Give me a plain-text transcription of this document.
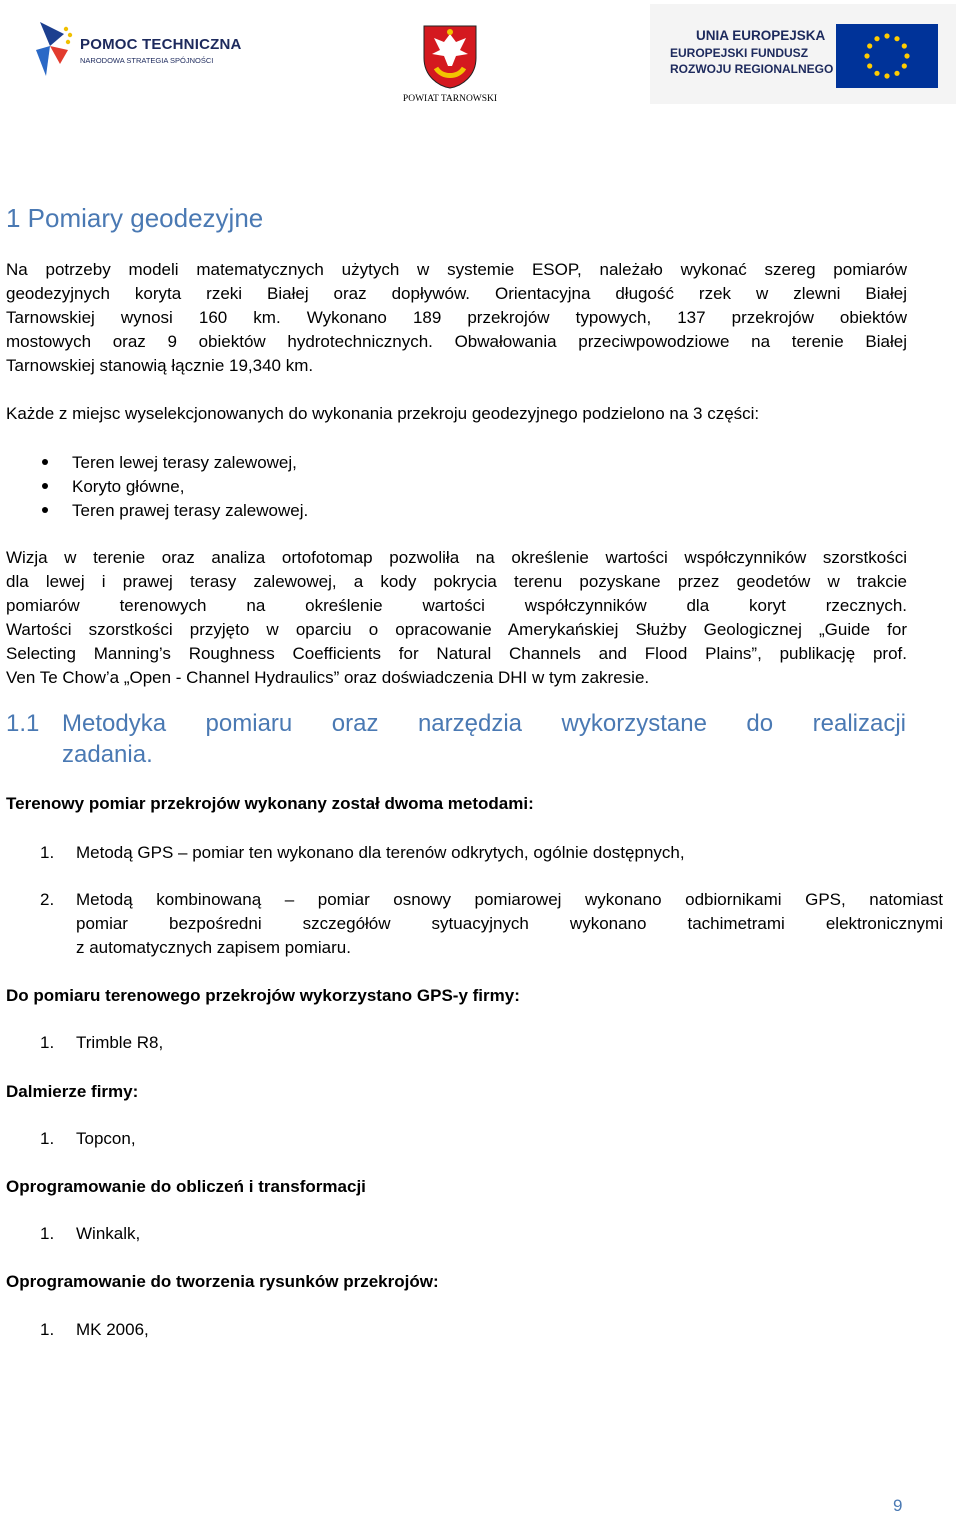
POMOC TECHNICZNA
NARODOWA STRATEGIA SPÓJNOŚCI
POWIAT TARNOWSKI
UNIA EUROPEJSKA
EUROPEJSKI FUNDUSZ
ROZWOJU REGIONALNEGO
1 Pomiary geodezyjne
Na potrzeby modeli matematycznych użytych w systemie ESOP, należało wykonać szereg pomiarów
geodezyjnych koryta rzeki Białej oraz dopływów. Orientacyjna długość rzek w zlewni Białej
Tarnowskiej wynosi 160 km. Wykonano 189 przekrojów typowych, 137 przekrojów obiektów
mostowych oraz 9 obiektów hydrotechnicznych. Obwałowania przeciwpowodziowe na terenie Białej
Tarnowskiej stanowią łącznie 19,340 km.
Każde z miejsc wyselekcjonowanych do wykonania przekroju geodezyjnego podzielono na 3 części:
Teren lewej terasy zalewowej,
Koryto główne,
Teren prawej terasy zalewowej.
Wizja w terenie oraz analiza ortofotomap pozwoliła na określenie wartości współczynników szorstkości
dla lewej i prawej terasy zalewowej, a kody pokrycia terenu pozyskane przez geodetów w trakcie
pomiarów terenowych na określenie wartości współczynników dla koryt rzecznych.
Wartości szorstkości przyjęto w oparciu o opracowanie Amerykańskiej Służby Geologicznej „Guide for
Selecting Manning’s Roughness Coefficients for Natural Channels and Flood Plains”, publikację prof.
Ven Te Chow’a „Open - Channel Hydraulics” oraz doświadczenia DHI w tym zakresie.
1.1 Metodyka pomiaru oraz narzędzia wykorzystane do realizacji
zadania.
Terenowy pomiar przekrojów wykonany został dwoma metodami:
1.	Metodą GPS – pomiar ten wykonano dla terenów odkrytych, ogólnie dostępnych,
2.	Metodą kombinowaną – pomiar osnowy pomiarowej wykonano odbiornikami GPS, natomiast
pomiar bezpośredni szczegółów sytuacyjnych wykonano tachimetrami elektronicznymi
z automatycznych zapisem pomiaru.
Do pomiaru terenowego przekrojów wykorzystano GPS-y firmy:
1.	Trimble R8,
Dalmierze firmy:
1.	Topcon,
Oprogramowanie do obliczeń i transformacji
1.	Winkalk,
Oprogramowanie do tworzenia rysunków przekrojów:
1.	MK 2006,
9
